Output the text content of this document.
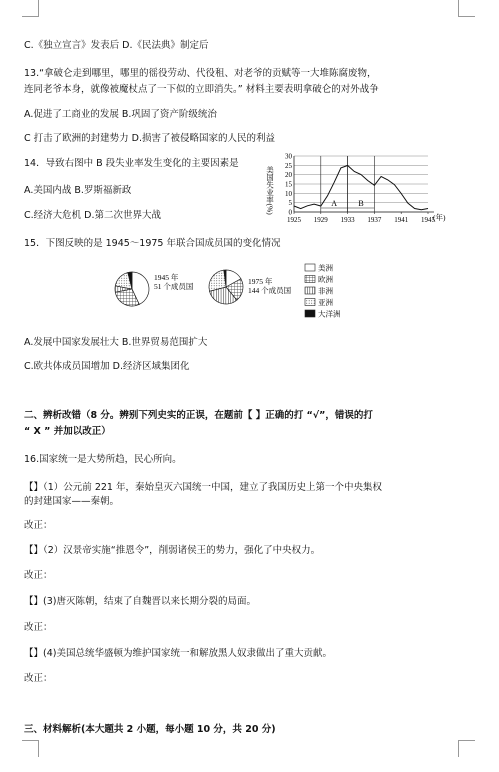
C.《独立宣言》发表后 D.《民法典》制定后
13.“拿破仑走到哪里，哪里的徭役劳动、代役租、对老爷的贡赋等一大堆陈腐废物，
连同老爷本身，就像被魔杖点了一下似的立即消失。” 材料主要表明拿破仑的对外战争
A.促进了工商业的发展 B.巩固了资产阶级统治
C 打击了欧洲的封建势力 D.损害了被侵略国家的人民的利益
14．导致右图中 B 段失业率发生变化的主要因素是
A.美国内战 B.罗斯福新政
C.经济大危机 D.第二次世界大战
美国失业率(%)	A	B
0
5
10
15
20
25
30
1925 1929 1933 1937 1941 1945
(年)
15．下图反映的是 1945～1975 年联合国成员国的变化情况
1945 年
51 个成员国
1975 年
144 个成员国
美洲
欧洲
非洲
亚洲
大洋洲
A.发展中国家发展壮大 B.世界贸易范围扩大
C.欧共体成员国增加 D.经济区域集团化
二、辨析改错（8 分。辨别下列史实的正误，在题前【 】正确的打 “√”，错误的打
“ X ” 并加以改正）
16.国家统一是大势所趋，民心所向。
【】（1）公元前 221 年，秦始皇灭六国统一中国，建立了我国历史上第一个中央集权
的封建国家——秦朝。
改正：
【】（2）汉景帝实施“推恩令”，削弱诸侯王的势力，强化了中央权力。
改正：
【】(3)唐灭陈朝，结束了自魏晋以来长期分裂的局面。
改正：
【】(4)美国总统华盛顿为维护国家统一和解放黑人奴隶做出了重大贡献。
改正：
三、材料解析(本大题共 2 小题，每小题 10 分，共 20 分)
